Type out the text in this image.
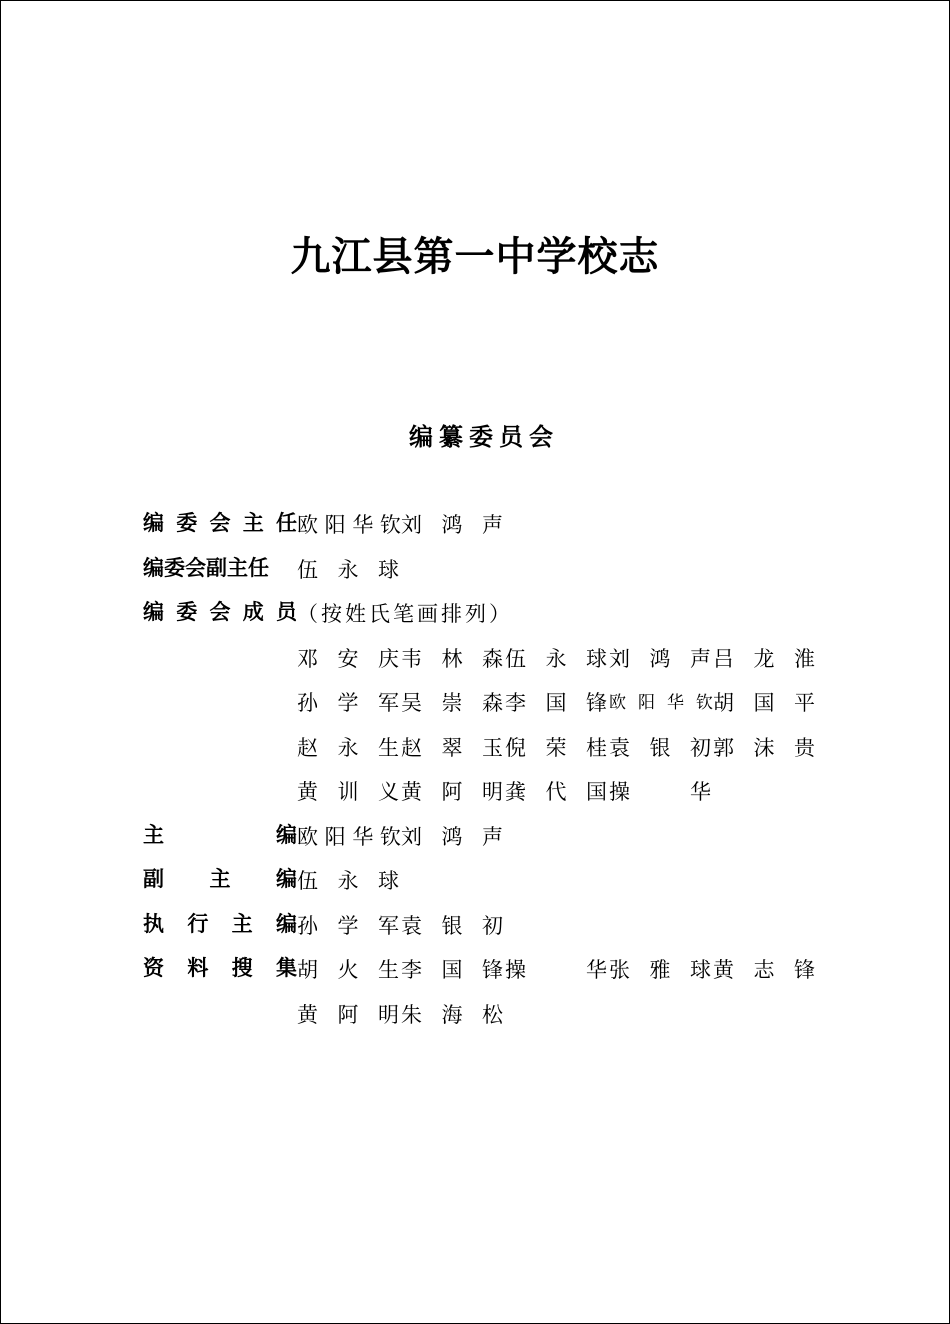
九江县第一中学校志
编纂委员会
编委会主任 欧阳华钦 刘鸿声
编委会副主任	伍永球
编委会成员 （按姓氏笔画排列）
邓安庆 韦林森 伍永球 刘鸿声 吕龙淮
孙学军 吴崇森 李国锋 欧阳华钦 胡国平
赵永生 赵翠玉 倪荣桂 袁银初 郭沫贵
黄训义 黄阿明 龚代国 操　华
主　　编 欧阳华钦 刘鸿声
副 主 编 伍永球
执行主编 孙学军 袁银初
资料搜集 胡火生 李国锋 操　华 张雅球 黄志锋
黄阿明 朱海松
